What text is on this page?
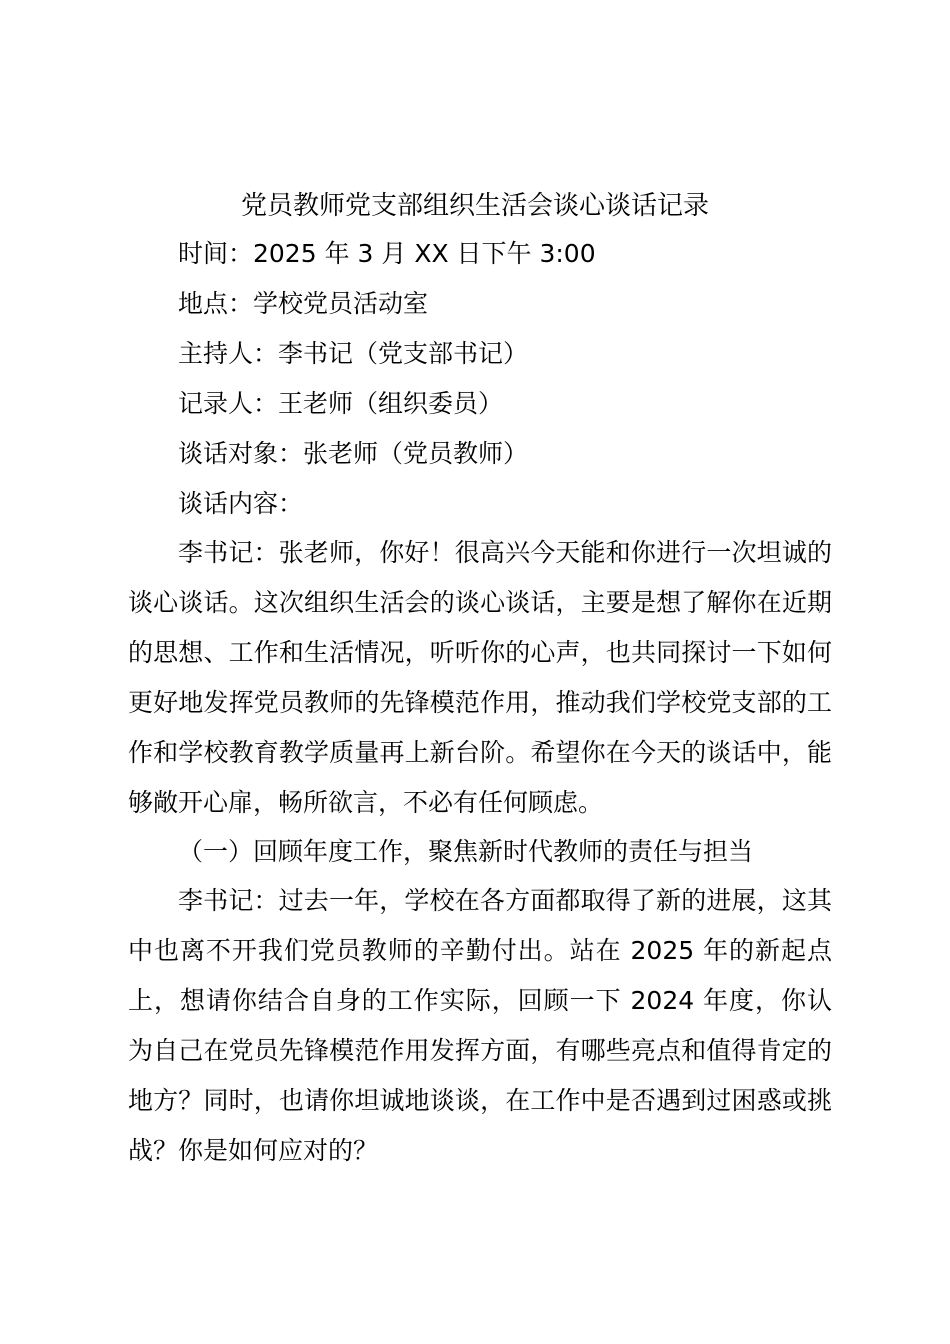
党员教师党支部组织生活会谈心谈话记录
时间：2025 年 3 月 XX 日下午 3:00
地点：学校党员活动室
主持人：李书记（党支部书记）
记录人：王老师（组织委员）
谈话对象：张老师（党员教师）
谈话内容：

李书记：张老师，你好！很高兴今天能和你进行一次坦诚的谈心谈话。这次组织生活会的谈心谈话，主要是想了解你在近期的思想、工作和生活情况，听听你的心声，也共同探讨一下如何更好地发挥党员教师的先锋模范作用，推动我们学校党支部的工作和学校教育教学质量再上新台阶。希望你在今天的谈话中，能够敞开心扉，畅所欲言，不必有任何顾虑。

（一）回顾年度工作，聚焦新时代教师的责任与担当

李书记：过去一年，学校在各方面都取得了新的进展，这其中也离不开我们党员教师的辛勤付出。站在 2025 年的新起点上，想请你结合自身的工作实际，回顾一下 2024 年度，你认为自己在党员先锋模范作用发挥方面，有哪些亮点和值得肯定的地方？同时，也请你坦诚地谈谈，在工作中是否遇到过困惑或挑战？你是如何应对的？
